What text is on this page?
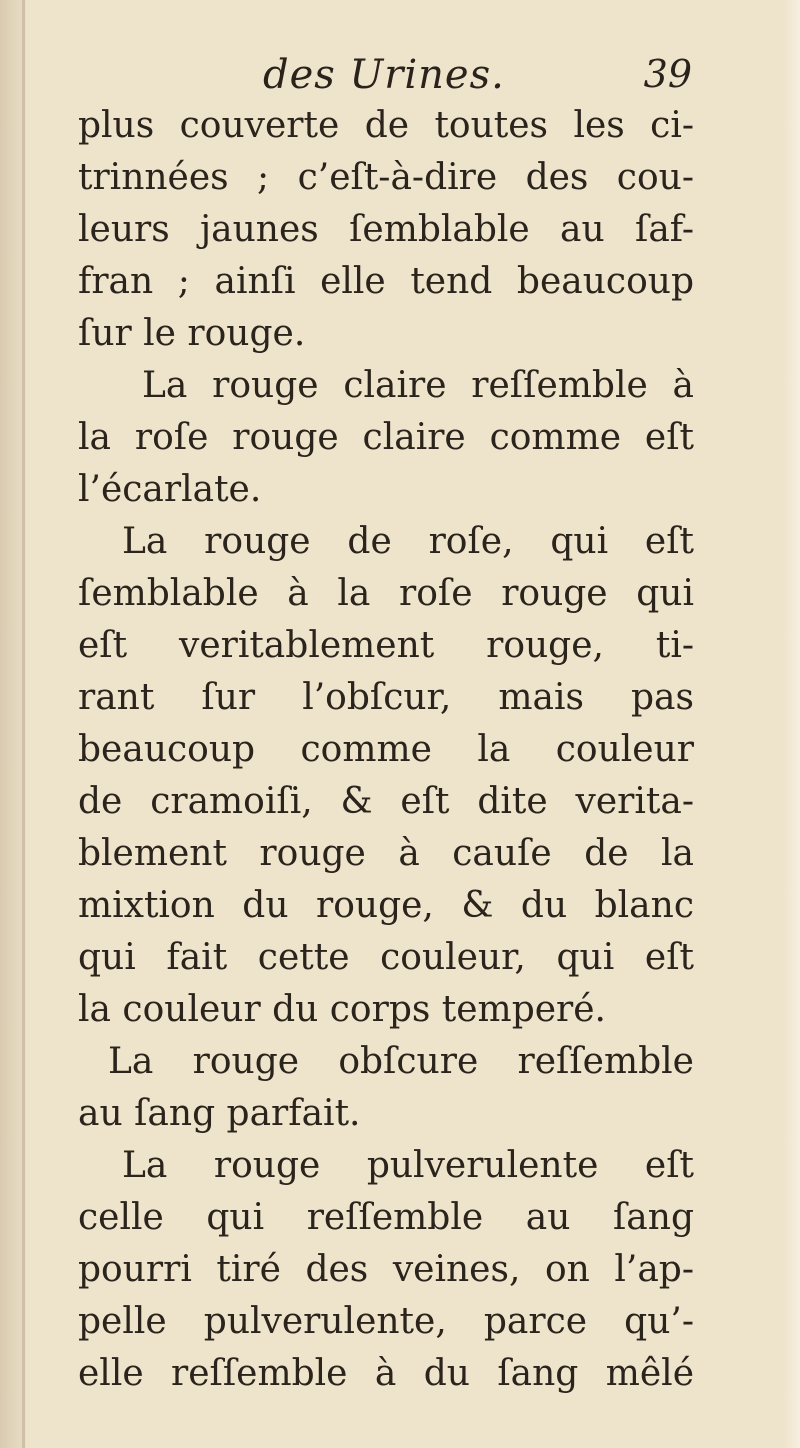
des Urines.	39
plus couverte de toutes les ci-
trinnées ; c’eſt-à-dire des cou-
leurs jaunes ſemblable au ſaf-
fran ; ainſi elle tend beaucoup
ſur le rouge.
La rouge claire reſſemble à
la roſe rouge claire comme eſt
l’écarlate.
La rouge de roſe, qui eſt
ſemblable à la roſe rouge qui
eſt veritablement rouge, ti-
rant ſur l’obſcur, mais pas
beaucoup comme la couleur
de cramoiſi, & eſt dite verita-
blement rouge à cauſe de la
mixtion du rouge, & du blanc
qui fait cette couleur, qui eſt
la couleur du corps temperé.
La rouge obſcure reſſemble
au ſang parfait.
La rouge pulverulente eſt
celle qui reſſemble au ſang
pourri tiré des veines, on l’ap-
pelle pulverulente, parce qu’-
elle reſſemble à du ſang mêlé
